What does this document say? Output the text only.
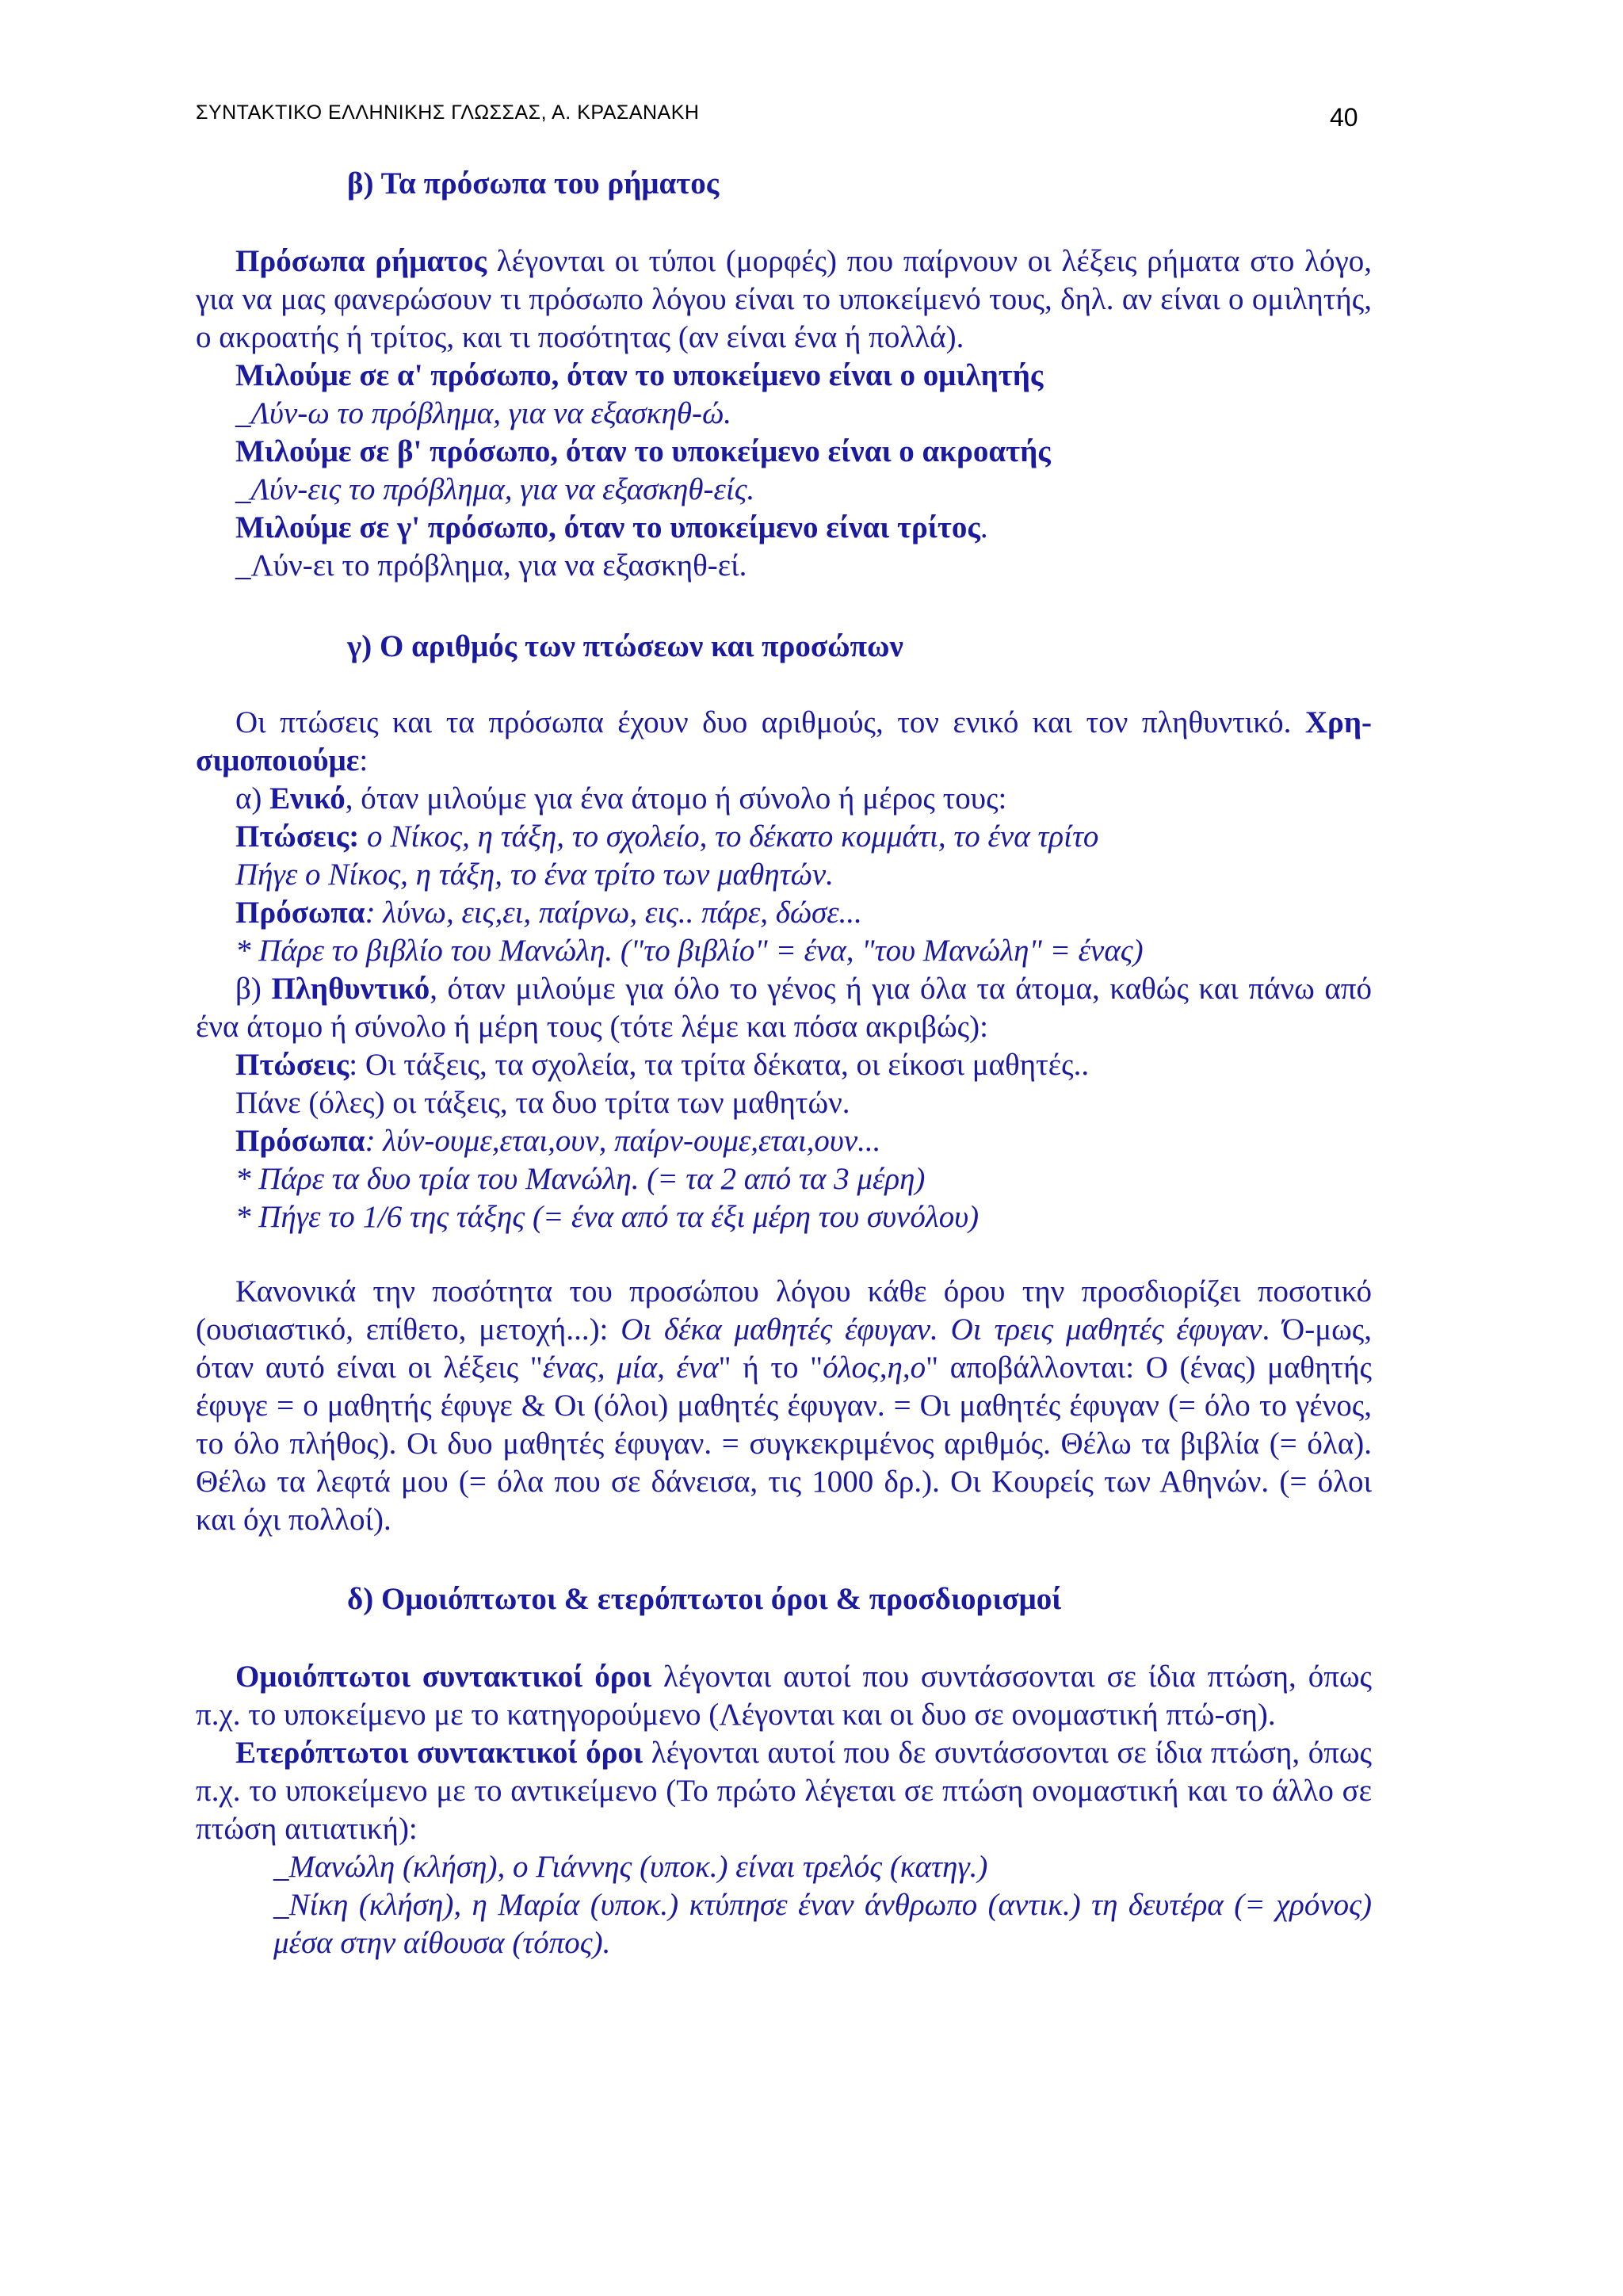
ΣΥΝΤΑΚΤΙΚΟ ΕΛΛΗΝΙΚΗΣ ΓΛΩΣΣΑΣ, Α. ΚΡΑΣΑΝΑΚΗ	40
β) Τα πρόσωπα του ρήματος

Πρόσωπα ρήματος λέγονται οι τύποι (μορφές) που παίρνουν οι λέξεις ρήματα στο λόγο, για να μας φανερώσουν τι πρόσωπο λόγου είναι το υποκείμενό τους, δηλ. αν είναι ο ομιλητής, ο ακροατής ή τρίτος, και τι ποσότητας (αν είναι ένα ή πολλά).

Μιλούμε σε α' πρόσωπο, όταν το υποκείμενο είναι ο ομιλητής

_Λύν-ω το πρόβλημα, για να εξασκηθ-ώ.

Μιλούμε σε β' πρόσωπο, όταν το υποκείμενο είναι ο ακροατής

_Λύν-εις το πρόβλημα, για να εξασκηθ-είς.

Μιλούμε σε γ' πρόσωπο, όταν το υποκείμενο είναι τρίτος.

_Λύν-ει το πρόβλημα, για να εξασκηθ-εί.

γ) Ο αριθμός των πτώσεων και προσώπων

Οι πτώσεις και τα πρόσωπα έχουν δυο αριθμούς, τον ενικό και τον πληθυντικό. Χρη-σιμοποιούμε:

α) Ενικό, όταν μιλούμε για ένα άτομο ή σύνολο ή μέρος τους:

Πτώσεις: ο Νίκος, η τάξη, το σχολείο, το δέκατο κομμάτι, το ένα τρίτο

Πήγε ο Νίκος, η τάξη, το ένα τρίτο των μαθητών.

Πρόσωπα: λύνω, εις,ει, παίρνω, εις.. πάρε, δώσε...

* Πάρε το βιβλίο του Μανώλη. ("το βιβλίο" = ένα, "του Μανώλη" = ένας)

β) Πληθυντικό, όταν μιλούμε για όλο το γένος ή για όλα τα άτομα, καθώς και πάνω από ένα άτομο ή σύνολο ή μέρη τους (τότε λέμε και πόσα ακριβώς):

Πτώσεις: Οι τάξεις, τα σχολεία, τα τρίτα δέκατα, οι είκοσι μαθητές..

Πάνε (όλες) οι τάξεις, τα δυο τρίτα των μαθητών.

Πρόσωπα: λύν-ουμε,εται,ουν, παίρν-ουμε,εται,ουν...

* Πάρε τα δυο τρία του Μανώλη. (= τα 2 από τα 3 μέρη)

* Πήγε το 1/6 της τάξης (= ένα από τα έξι μέρη του συνόλου)

Κανονικά την ποσότητα του προσώπου λόγου κάθε όρου την προσδιορίζει ποσοτικό (ουσιαστικό, επίθετο, μετοχή...): Οι δέκα μαθητές έφυγαν. Οι τρεις μαθητές έφυγαν. Ό-μως, όταν αυτό είναι οι λέξεις "ένας, μία, ένα" ή το "όλος,η,ο" αποβάλλονται: Ο (ένας) μαθητής έφυγε = ο μαθητής έφυγε & Οι (όλοι) μαθητές έφυγαν. = Οι μαθητές έφυγαν (= όλο το γένος, το όλο πλήθος). Οι δυο μαθητές έφυγαν. = συγκεκριμένος αριθμός. Θέλω τα βιβλία (= όλα). Θέλω τα λεφτά μου (= όλα που σε δάνεισα, τις 1000 δρ.). Οι Κουρείς των Αθηνών. (= όλοι και όχι πολλοί).

δ) Ομοιόπτωτοι & ετερόπτωτοι όροι & προσδιορισμοί

Ομοιόπτωτοι συντακτικοί όροι λέγονται αυτοί που συντάσσονται σε ίδια πτώση, όπως π.χ. το υποκείμενο με το κατηγορούμενο (Λέγονται και οι δυο σε ονομαστική πτώ-ση).

Ετερόπτωτοι συντακτικοί όροι λέγονται αυτοί που δε συντάσσονται σε ίδια πτώση, όπως π.χ. το υποκείμενο με το αντικείμενο (Το πρώτο λέγεται σε πτώση ονομαστική και το άλλο σε πτώση αιτιατική):

_Μανώλη (κλήση), ο Γιάννης (υποκ.) είναι τρελός (κατηγ.)

_Νίκη (κλήση), η Μαρία (υποκ.) κτύπησε έναν άνθρωπο (αντικ.) τη δευτέρα (= χρόνος) μέσα στην αίθουσα (τόπος).
